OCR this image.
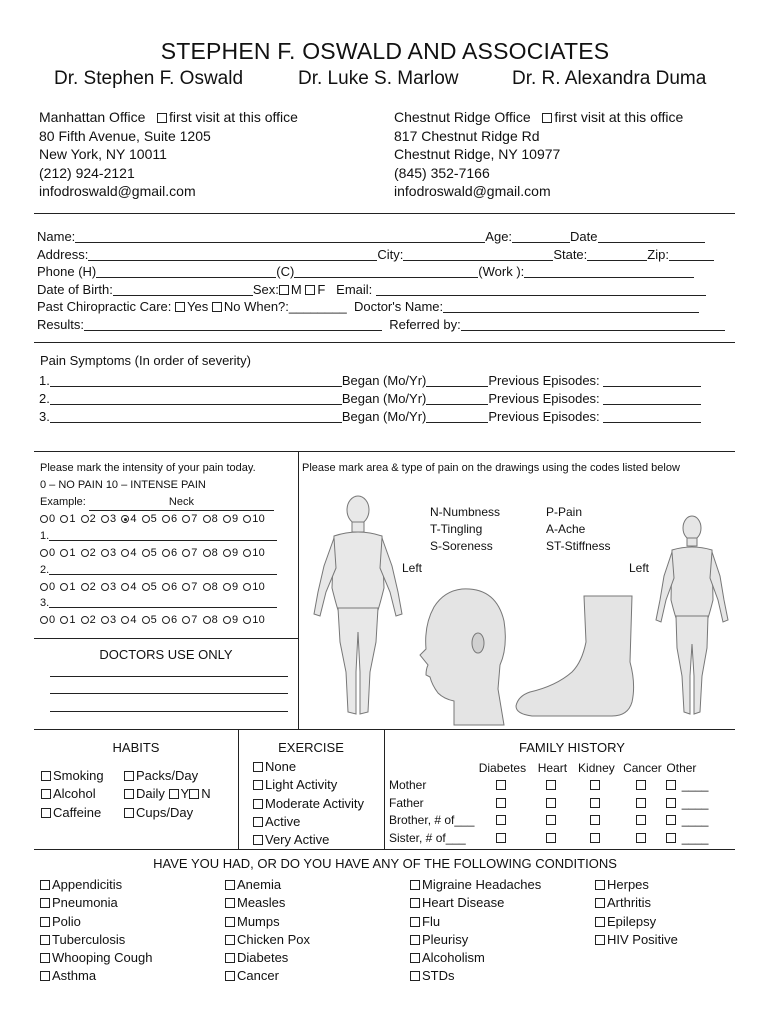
STEPHEN F. OSWALD AND ASSOCIATES
Dr. Stephen F. Oswald	Dr. Luke S. Marlow	Dr. R. Alexandra Duma
Manhattan Office first visit at this office
80 Fifth Avenue, Suite 1205
New York, NY 10011
(212) 924-2121
infodroswald@gmail.com
Chestnut Ridge Office first visit at this office
817 Chestnut Ridge Rd
Chestnut Ridge, NY 10977
(845) 352-7166
infodroswald@gmail.com
Name:	Age:	Date
Address:	City:	State:	Zip:
Phone (H)	(C)	(Work ):
Date of Birth:	Sex: M F Email:
Past Chiropractic Care: Yes No When?:________ Doctor's Name:
Results:	Referred by:
Pain Symptoms (In order of severity)
1.	Began (Mo/Yr)	Previous Episodes:
2.	Began (Mo/Yr)	Previous Episodes:
3.	Began (Mo/Yr)	Previous Episodes:
Please mark the intensity of your pain today.
0 – NO PAIN 10 – INTENSE PAIN
Example:	Neck
0 1 2 3 4 5 6 7 8 9 10
1.
0 1 2 3 4 5 6 7 8 9 10
2.
0 1 2 3 4 5 6 7 8 9 10
3.
0 1 2 3 4 5 6 7 8 9 10
DOCTORS USE ONLY
Please mark area & type of pain on the drawings using the codes listed below
N-Numbness
T-Tingling
S-Soreness
P-Pain
A-Ache
ST-Stiffness
Left	Left
HABITS
Smoking
Alcohol
Caffeine
Packs/Day
Daily Y N
Cups/Day
EXERCISE
None
Light Activity
Moderate Activity
Active
Very Active
FAMILY HISTORY
	Diabetes	Heart	Kidney	Cancer	Other
Mother					____
Father					____
Brother, # of___					____
Sister, # of___					____
HAVE YOU HAD, OR DO YOU HAVE ANY OF THE FOLLOWING CONDITIONS
Appendicitis
Pneumonia
Polio
Tuberculosis
Whooping Cough
Asthma
Anemia
Measles
Mumps
Chicken Pox
Diabetes
Cancer
Migraine Headaches
Heart Disease
Flu
Pleurisy
Alcoholism
STDs
Herpes
Arthritis
Epilepsy
HIV Positive
